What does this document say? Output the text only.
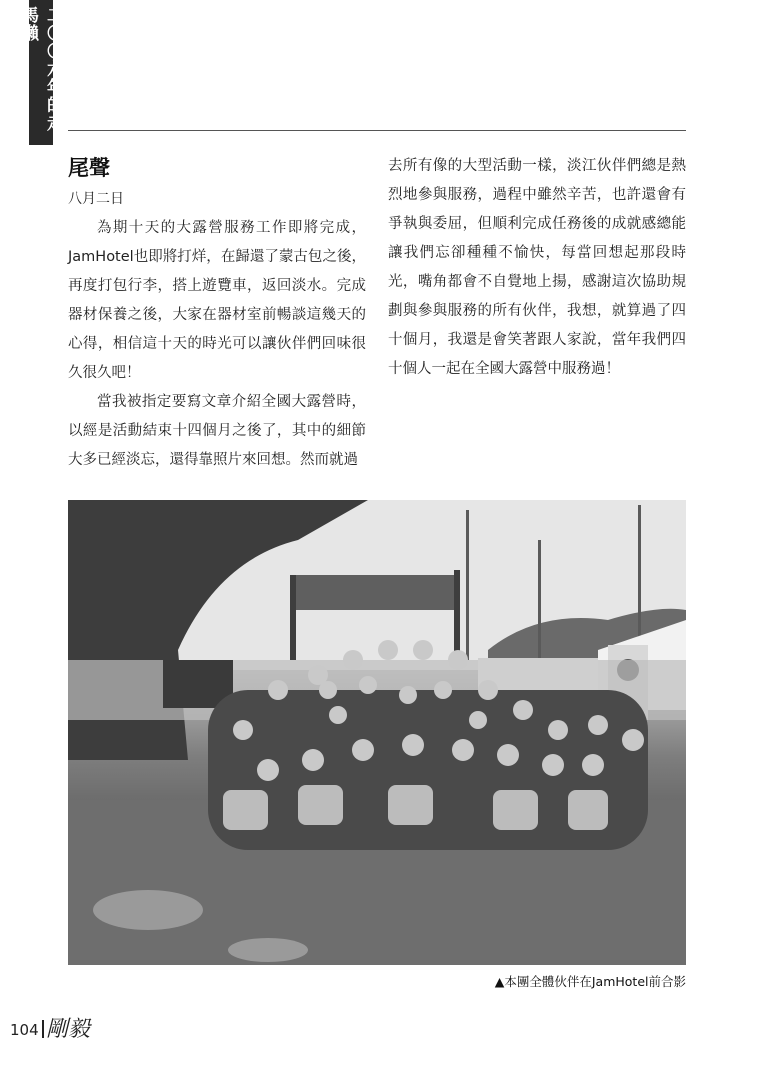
二〇〇六年的走馬瀨
尾聲

八月二日

為期十天的大露營服務工作即將完成，JamHotel也即將打烊，在歸還了蒙古包之後，再度打包行李，搭上遊覽車，返回淡水。完成器材保養之後，大家在器材室前暢談這幾天的心得，相信這十天的時光可以讓伙伴們回味很久很久吧！

當我被指定要寫文章介紹全國大露營時，以經是活動結束十四個月之後了，其中的細節大多已經淡忘，還得靠照片來回想。然而就過

去所有像的大型活動一樣，淡江伙伴們總是熱烈地參與服務，過程中雖然辛苦，也許還會有爭執與委屈，但順利完成任務後的成就感總能讓我們忘卻種種不愉快，每當回想起那段時光，嘴角都會不自覺地上揚，感謝這次協助規劃與參與服務的所有伙伴，我想，就算過了四十個月，我還是會笑著跟人家說，當年我們四十個人一起在全國大露營中服務過！

▲本團全體伙伴在JamHotel前合影
104 剛毅
